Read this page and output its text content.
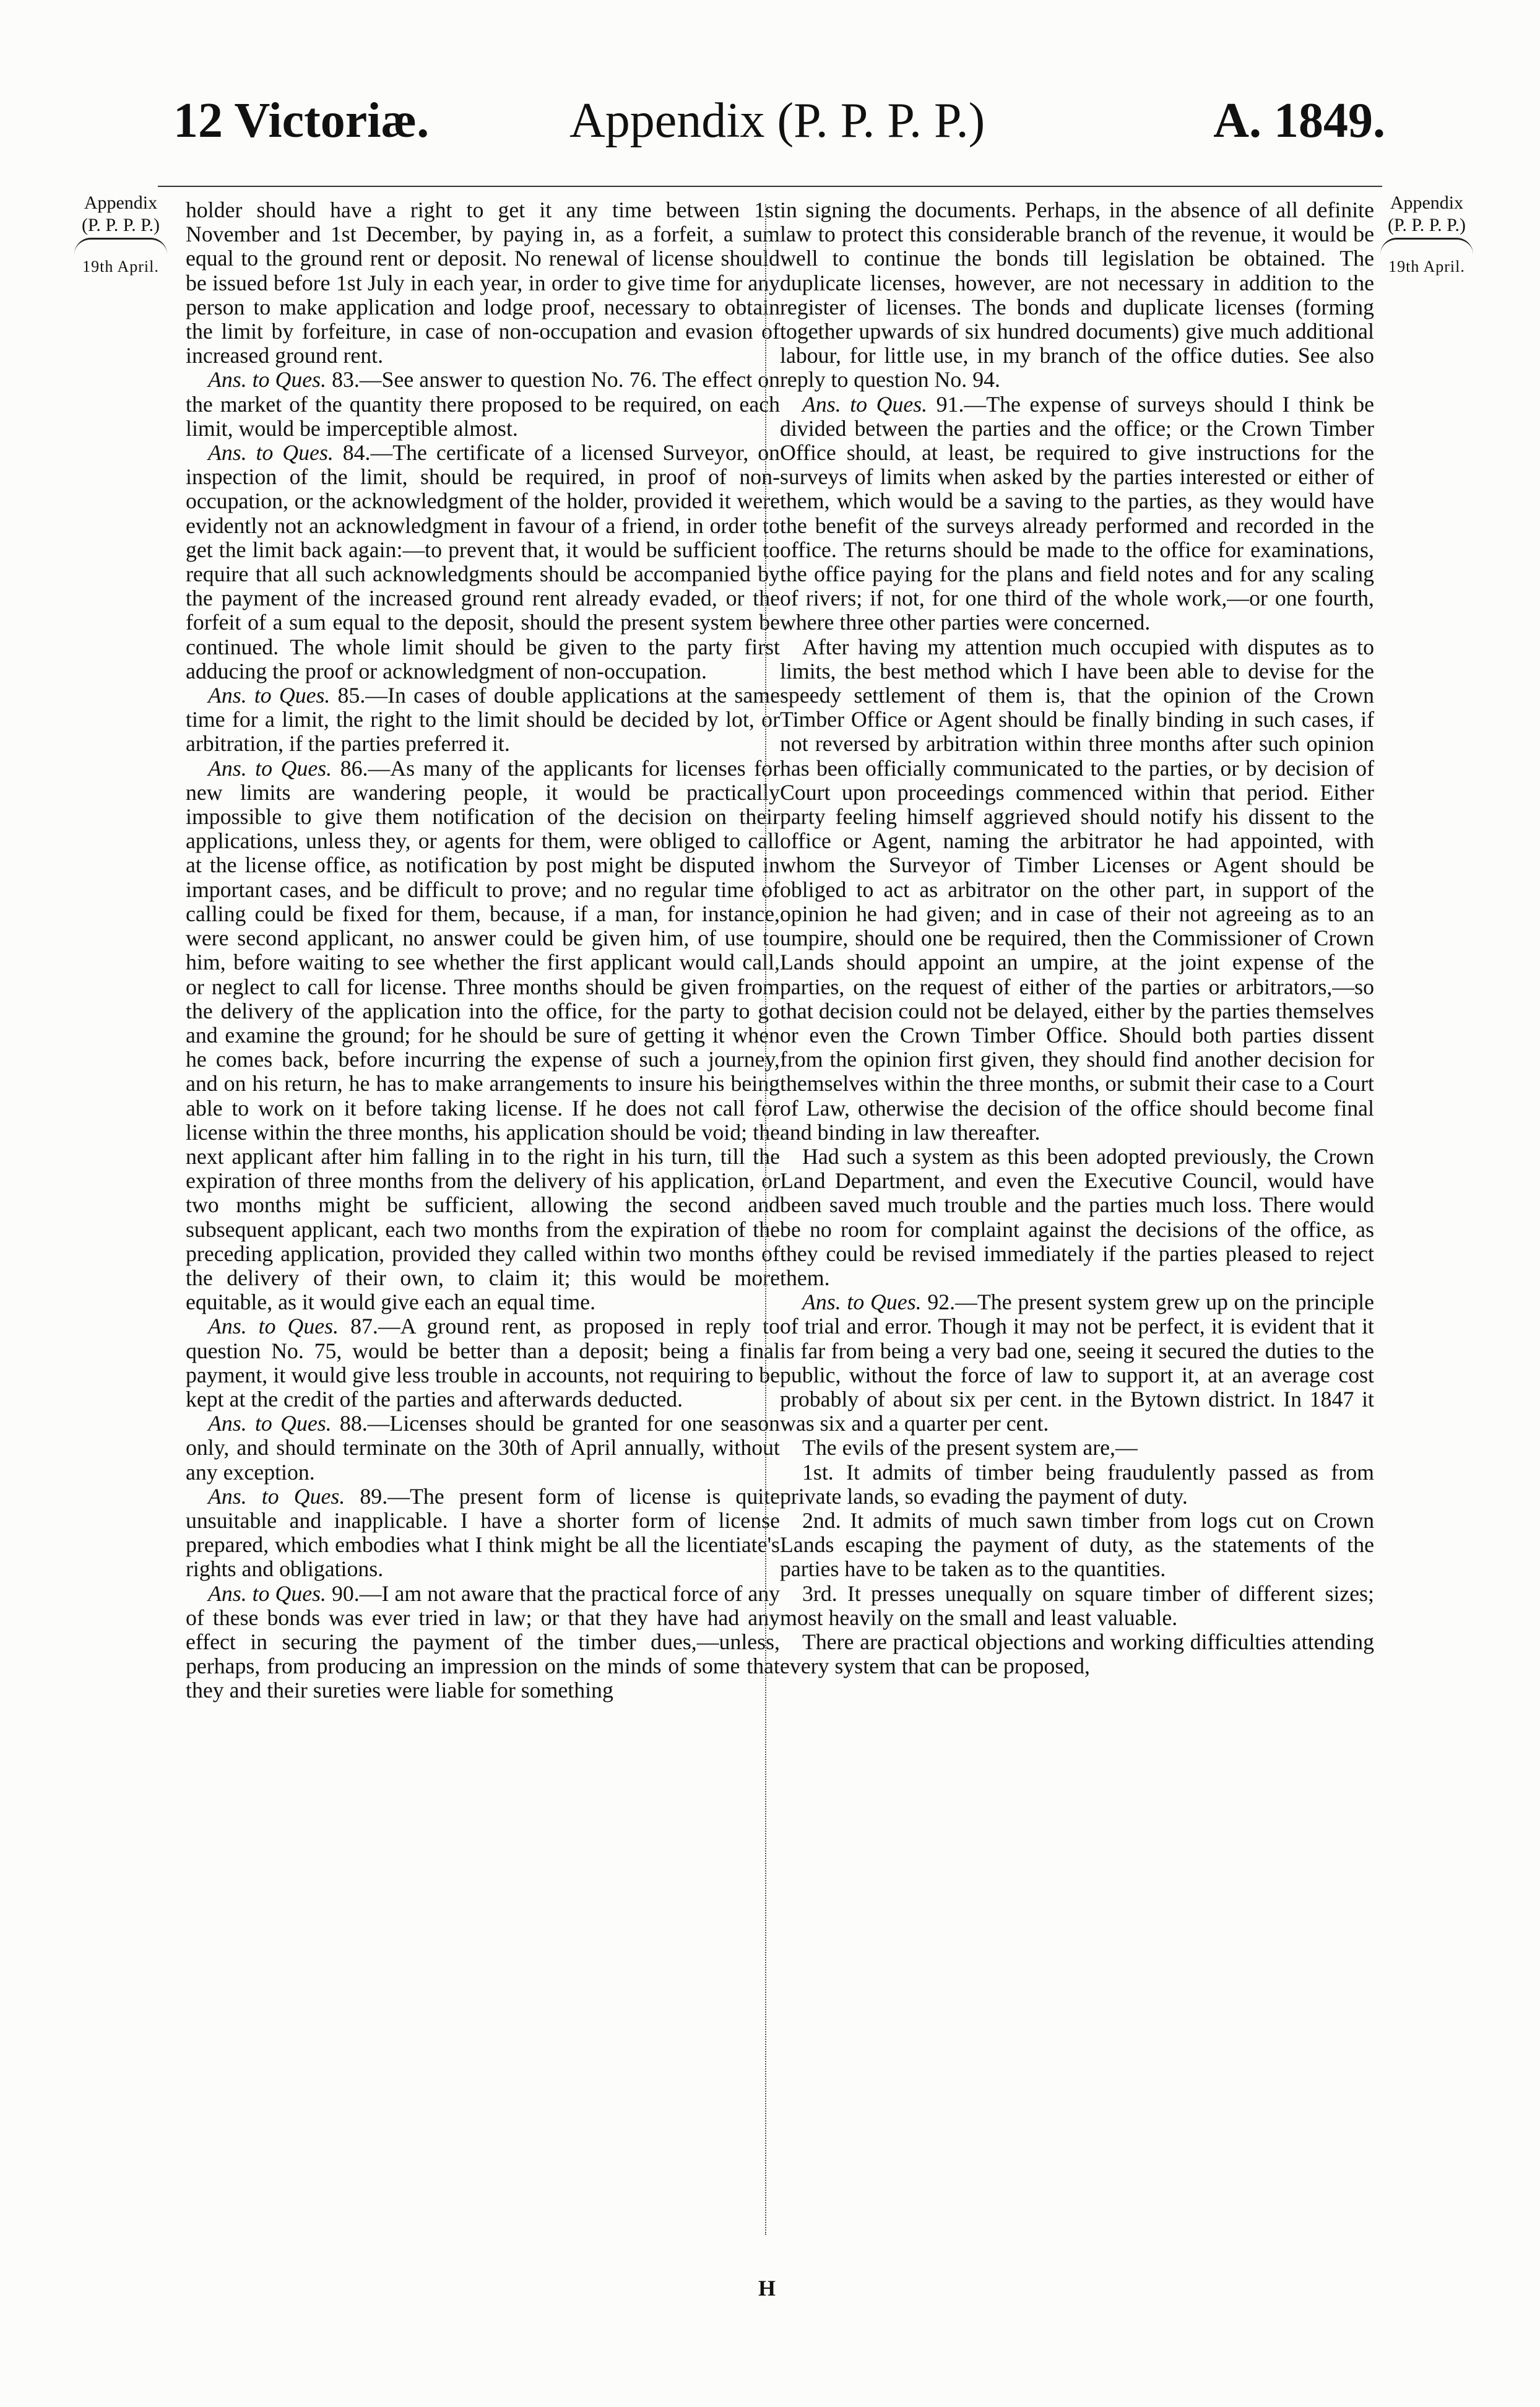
12 Victoriæ.	Appendix (P. P. P. P.)	A. 1849.
Appendix
(P. P. P. P.)
19th April.
Appendix
(P. P. P. P.)
19th April.

holder should have a right to get it any time between 1st November and 1st December, by paying in, as a forfeit, a sum equal to the ground rent or deposit. No renewal of license should be issued before 1st July in each year, in order to give time for any person to make application and lodge proof, necessary to obtain the limit by forfeiture, in case of non-occupation and evasion of increased ground rent.

Ans. to Ques. 83.—See answer to question No. 76. The effect on the market of the quantity there proposed to be required, on each limit, would be imperceptible almost.

Ans. to Ques. 84.—The certificate of a licensed Surveyor, on inspection of the limit, should be required, in proof of non-occupation, or the acknowledgment of the holder, provided it were evidently not an acknowledgment in favour of a friend, in order to get the limit back again:—to prevent that, it would be sufficient to require that all such acknowledgments should be accompanied by the payment of the increased ground rent already evaded, or the forfeit of a sum equal to the deposit, should the present system be continued. The whole limit should be given to the party first adducing the proof or acknowledgment of non-occupation.

Ans. to Ques. 85.—In cases of double applications at the same time for a limit, the right to the limit should be decided by lot, or arbitration, if the parties preferred it.

Ans. to Ques. 86.—As many of the applicants for licenses for new limits are wandering people, it would be practically impossible to give them notification of the decision on their applications, unless they, or agents for them, were obliged to call at the license office, as notification by post might be disputed in important cases, and be difficult to prove; and no regular time of calling could be fixed for them, because, if a man, for instance, were second applicant, no answer could be given him, of use to him, before waiting to see whether the first applicant would call, or neglect to call for license. Three months should be given from the delivery of the application into the office, for the party to go and examine the ground; for he should be sure of getting it when he comes back, before incurring the expense of such a journey, and on his return, he has to make arrangements to insure his being able to work on it before taking license. If he does not call for license within the three months, his application should be void; the next applicant after him falling in to the right in his turn, till the expiration of three months from the delivery of his application, or two months might be sufficient, allowing the second and subsequent applicant, each two months from the expiration of the preceding application, provided they called within two months of the delivery of their own, to claim it; this would be more equitable, as it would give each an equal time.

Ans. to Ques. 87.—A ground rent, as proposed in reply to question No. 75, would be better than a deposit; being a final payment, it would give less trouble in accounts, not requiring to be kept at the credit of the parties and afterwards deducted.

Ans. to Ques. 88.—Licenses should be granted for one season only, and should terminate on the 30th of April annually, without any exception.

Ans. to Ques. 89.—The present form of license is quite unsuitable and inapplicable. I have a shorter form of license prepared, which embodies what I think might be all the licentiate's rights and obligations.

Ans. to Ques. 90.—I am not aware that the practical force of any of these bonds was ever tried in law; or that they have had any effect in securing the payment of the timber dues,—unless, perhaps, from producing an impression on the minds of some that they and their sureties were liable for something

in signing the documents. Perhaps, in the absence of all definite law to protect this considerable branch of the revenue, it would be well to continue the bonds till legislation be obtained. The duplicate licenses, however, are not necessary in addition to the register of licenses. The bonds and duplicate licenses (forming together upwards of six hundred documents) give much additional labour, for little use, in my branch of the office duties. See also reply to question No. 94.

Ans. to Ques. 91.—The expense of surveys should I think be divided between the parties and the office; or the Crown Timber Office should, at least, be required to give instructions for the surveys of limits when asked by the parties interested or either of them, which would be a saving to the parties, as they would have the benefit of the surveys already performed and recorded in the office. The returns should be made to the office for examinations, the office paying for the plans and field notes and for any scaling of rivers; if not, for one third of the whole work,—or one fourth, where three other parties were concerned.

After having my attention much occupied with disputes as to limits, the best method which I have been able to devise for the speedy settlement of them is, that the opinion of the Crown Timber Office or Agent should be finally binding in such cases, if not reversed by arbitration within three months after such opinion has been officially communicated to the parties, or by decision of Court upon proceedings commenced within that period. Either party feeling himself aggrieved should notify his dissent to the office or Agent, naming the arbitrator he had appointed, with whom the Surveyor of Timber Licenses or Agent should be obliged to act as arbitrator on the other part, in support of the opinion he had given; and in case of their not agreeing as to an umpire, should one be required, then the Commissioner of Crown Lands should appoint an umpire, at the joint expense of the parties, on the request of either of the parties or arbitrators,—so that decision could not be delayed, either by the parties themselves or even the Crown Timber Office. Should both parties dissent from the opinion first given, they should find another decision for themselves within the three months, or submit their case to a Court of Law, otherwise the decision of the office should become final and binding in law thereafter.

Had such a system as this been adopted previously, the Crown Land Department, and even the Executive Council, would have been saved much trouble and the parties much loss. There would be no room for complaint against the decisions of the office, as they could be revised immediately if the parties pleased to reject them.

Ans. to Ques. 92.—The present system grew up on the principle of trial and error. Though it may not be perfect, it is evident that it is far from being a very bad one, seeing it secured the duties to the public, without the force of law to support it, at an average cost probably of about six per cent. in the Bytown district. In 1847 it was six and a quarter per cent.

The evils of the present system are,—

1st. It admits of timber being fraudulently passed as from private lands, so evading the payment of duty.

2nd. It admits of much sawn timber from logs cut on Crown Lands escaping the payment of duty, as the statements of the parties have to be taken as to the quantities.

3rd. It presses unequally on square timber of different sizes; most heavily on the small and least valuable.

There are practical objections and working difficulties attending every system that can be proposed,

H
